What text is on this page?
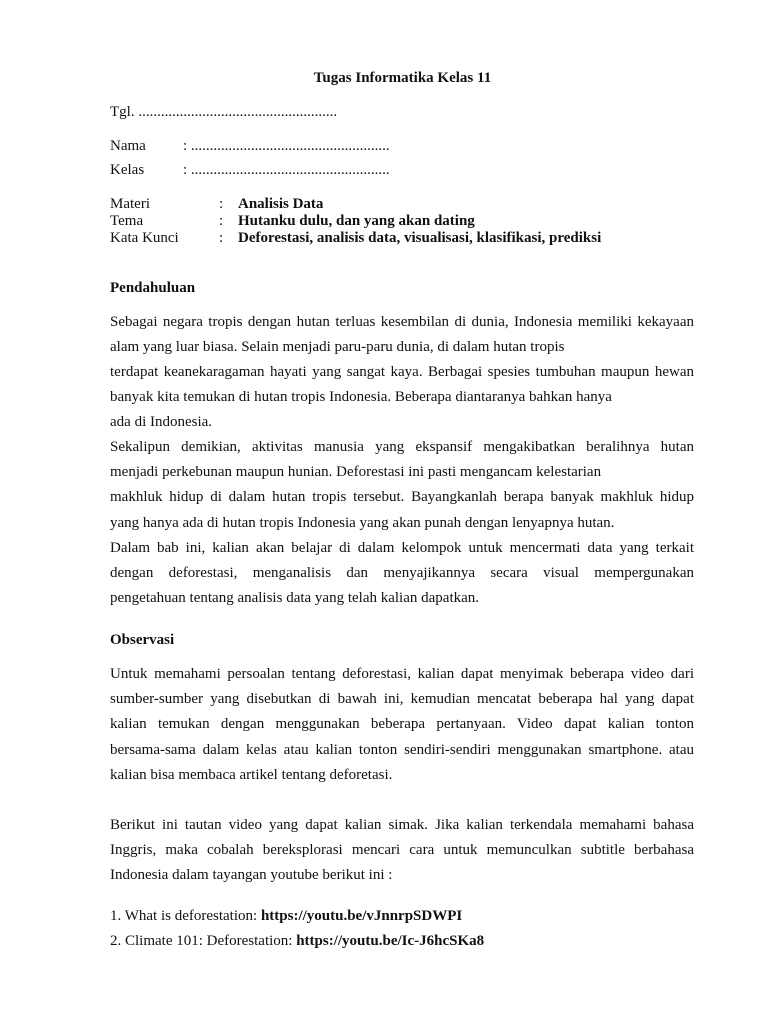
Tugas Informatika Kelas 11
Tgl. .....................................................
Nama : .....................................................
Kelas	: .....................................................
Materi	: Analisis Data
Tema	: Hutanku dulu, dan yang akan dating
Kata Kunci	: Deforestasi, analisis data, visualisasi, klasifikasi, prediksi
Pendahuluan
Sebagai negara tropis dengan hutan terluas kesembilan di dunia, Indonesia memiliki kekayaan
alam yang luar biasa. Selain menjadi paru-paru dunia, di dalam hutan tropis
terdapat keanekaragaman hayati yang sangat kaya. Berbagai spesies tumbuhan maupun hewan
banyak kita temukan di hutan tropis Indonesia. Beberapa diantaranya bahkan hanya
ada di Indonesia.
Sekalipun demikian, aktivitas manusia yang ekspansif mengakibatkan beralihnya hutan
menjadi perkebunan maupun hunian. Deforestasi ini pasti mengancam kelestarian
makhluk hidup di dalam hutan tropis tersebut. Bayangkanlah berapa banyak makhluk hidup
yang hanya ada di hutan tropis Indonesia yang akan punah dengan lenyapnya hutan.
Dalam bab ini, kalian akan belajar di dalam kelompok untuk mencermati data yang terkait
dengan deforestasi, menganalisis dan menyajikannya secara visual mempergunakan
pengetahuan tentang analisis data yang telah kalian dapatkan.
Observasi
Untuk memahami persoalan tentang deforestasi, kalian dapat menyimak beberapa video dari
sumber-sumber yang disebutkan di bawah ini, kemudian mencatat beberapa hal yang dapat
kalian temukan dengan menggunakan beberapa pertanyaan. Video dapat kalian tonton
bersama-sama dalam kelas atau kalian tonton sendiri-sendiri menggunakan smartphone. atau
kalian bisa membaca artikel tentang deforetasi.
Berikut ini tautan video yang dapat kalian simak. Jika kalian terkendala memahami bahasa
Inggris, maka cobalah bereksplorasi mencari cara untuk memunculkan subtitle berbahasa
Indonesia dalam tayangan youtube berikut ini :
1. What is deforestation: https://youtu.be/vJnnrpSDWPI
2. Climate 101: Deforestation: https://youtu.be/Ic-J6hcSKa8
